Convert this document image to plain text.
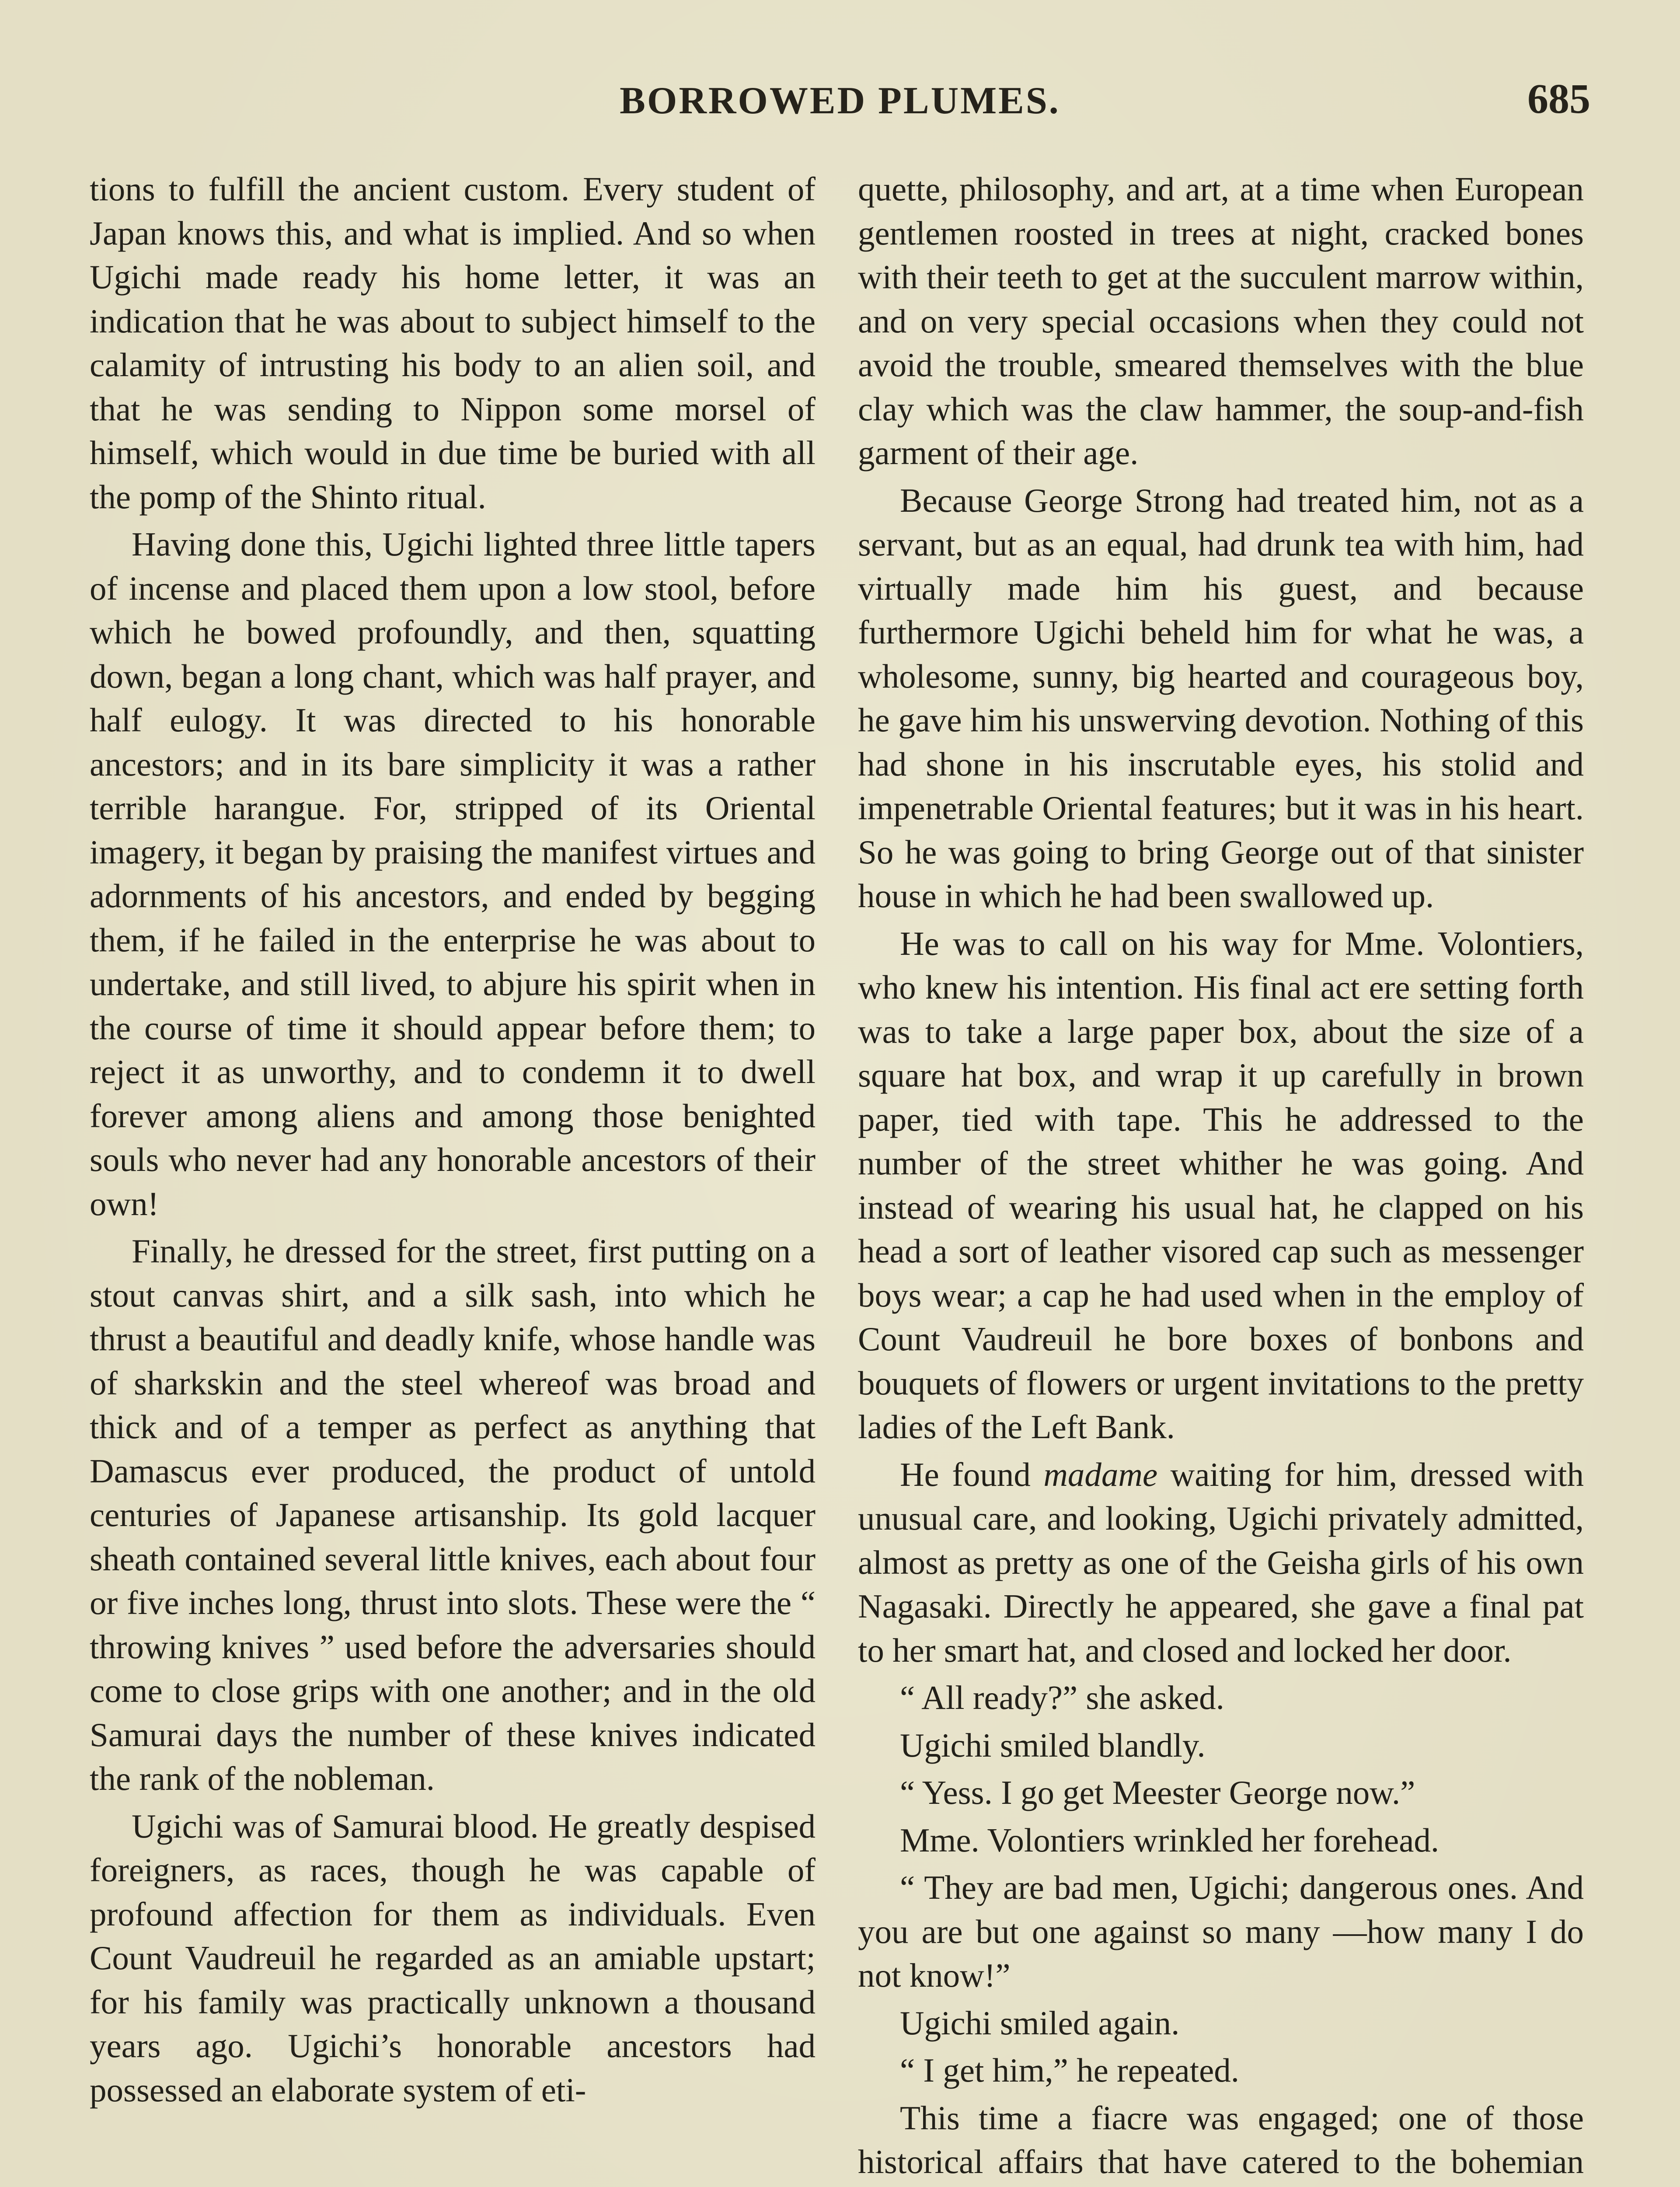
BORROWED PLUMES.	685

tions to fulfill the ancient custom. Every student of Japan knows this, and what is implied. And so when Ugichi made ready his home letter, it was an indication that he was about to subject himself to the calamity of intrusting his body to an alien soil, and that he was sending to Nippon some morsel of himself, which would in due time be buried with all the pomp of the Shinto ritual.

Having done this, Ugichi lighted three little tapers of incense and placed them upon a low stool, before which he bowed profoundly, and then, squatting down, began a long chant, which was half prayer, and half eulogy. It was directed to his honorable ancestors; and in its bare simplicity it was a rather terrible harangue. For, stripped of its Oriental imagery, it began by praising the manifest virtues and adornments of his ancestors, and ended by begging them, if he failed in the enterprise he was about to undertake, and still lived, to abjure his spirit when in the course of time it should appear before them; to reject it as unworthy, and to condemn it to dwell forever among aliens and among those benighted souls who never had any honorable ancestors of their own!

Finally, he dressed for the street, first putting on a stout canvas shirt, and a silk sash, into which he thrust a beautiful and deadly knife, whose handle was of sharkskin and the steel whereof was broad and thick and of a temper as perfect as anything that Damascus ever produced, the product of untold centuries of Japanese artisanship. Its gold lacquer sheath contained several little knives, each about four or five inches long, thrust into slots. These were the “ throwing knives ” used before the adversaries should come to close grips with one another; and in the old Samurai days the number of these knives indicated the rank of the nobleman.

Ugichi was of Samurai blood. He greatly despised foreigners, as races, though he was capable of profound affection for them as individuals. Even Count Vaudreuil he regarded as an amiable upstart; for his family was practically unknown a thousand years ago. Ugichi’s honorable ancestors had possessed an elaborate system of eti-

quette, philosophy, and art, at a time when European gentlemen roosted in trees at night, cracked bones with their teeth to get at the succulent marrow within, and on very special occasions when they could not avoid the trouble, smeared themselves with the blue clay which was the claw hammer, the soup-and-fish garment of their age.

Because George Strong had treated him, not as a servant, but as an equal, had drunk tea with him, had virtually made him his guest, and because furthermore Ugichi beheld him for what he was, a wholesome, sunny, big hearted and courageous boy, he gave him his unswerving devotion. Nothing of this had shone in his inscrutable eyes, his stolid and impenetrable Oriental features; but it was in his heart. So he was going to bring George out of that sinister house in which he had been swallowed up.

He was to call on his way for Mme. Volontiers, who knew his intention. His final act ere setting forth was to take a large paper box, about the size of a square hat box, and wrap it up carefully in brown paper, tied with tape. This he addressed to the number of the street whither he was going. And instead of wearing his usual hat, he clapped on his head a sort of leather visored cap such as messenger boys wear; a cap he had used when in the employ of Count Vaudreuil he bore boxes of bonbons and bouquets of flowers or urgent invitations to the pretty ladies of the Left Bank.

He found madame waiting for him, dressed with unusual care, and looking, Ugichi privately admitted, almost as pretty as one of the Geisha girls of his own Nagasaki. Directly he appeared, she gave a final pat to her smart hat, and closed and locked her door.

“ All ready?” she asked.

Ugichi smiled blandly.

“ Yess. I go get Meester George now.”

Mme. Volontiers wrinkled her forehead.

“ They are bad men, Ugichi; dangerous ones. And you are but one against so many —how many I do not know!”

Ugichi smiled again.

“ I get him,” he repeated.

This time a fiacre was engaged; one of those historical affairs that have catered to the bohemian
